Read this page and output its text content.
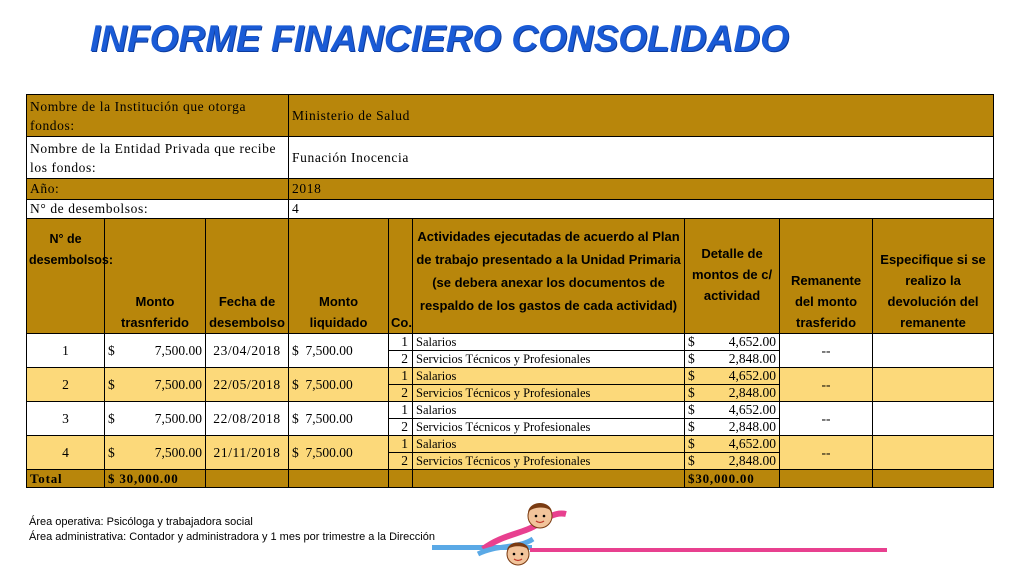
INFORME FINANCIERO CONSOLIDADO
Nombre de la Institución que otorga fondos:			Ministerio de Salud					
Nombre de la Entidad Privada que recibe los fondos:			Funación Inocencia					
Año:			2018					
N° de desembolsos:			4					
N° de desembolsos:	Monto trasnferido	Fecha de desembolso	Monto liquidado	Co.	Actividades ejecutadas de acuerdo al Plan de trabajo presentado a la Unidad Primaria (se debera anexar los documentos de respaldo de los gastos de cada actividad)	Detalle de montos de c/ actividad	Remanente del monto trasferido	Especifique si se realizo la devolución del remanente
1	$ 7,500.00	23/04/2018	$ 7,500.00	1	Salarios	$ 4,652.00	--	
				2	Servicios Técnicos y Profesionales	$ 2,848.00		

2	$ 7,500.00	22/05/2018	$ 7,500.00	1	Salarios	$ 4,652.00	--	
				2	Servicios Técnicos y Profesionales	$ 2,848.00		

3	$ 7,500.00	22/08/2018	$ 7,500.00	1	Salarios	$ 4,652.00	--	
				2	Servicios Técnicos y Profesionales	$ 2,848.00		

4	$ 7,500.00	21/11/2018	$ 7,500.00	1	Salarios	$ 4,652.00	--	
				2	Servicios Técnicos y Profesionales	$ 2,848.00		

Total	$ 30,000.00					$30,000.00		
Área operativa: Psicóloga y trabajadora social
Área administrativa: Contador y administradora y 1 mes por trimestre a la Dirección
